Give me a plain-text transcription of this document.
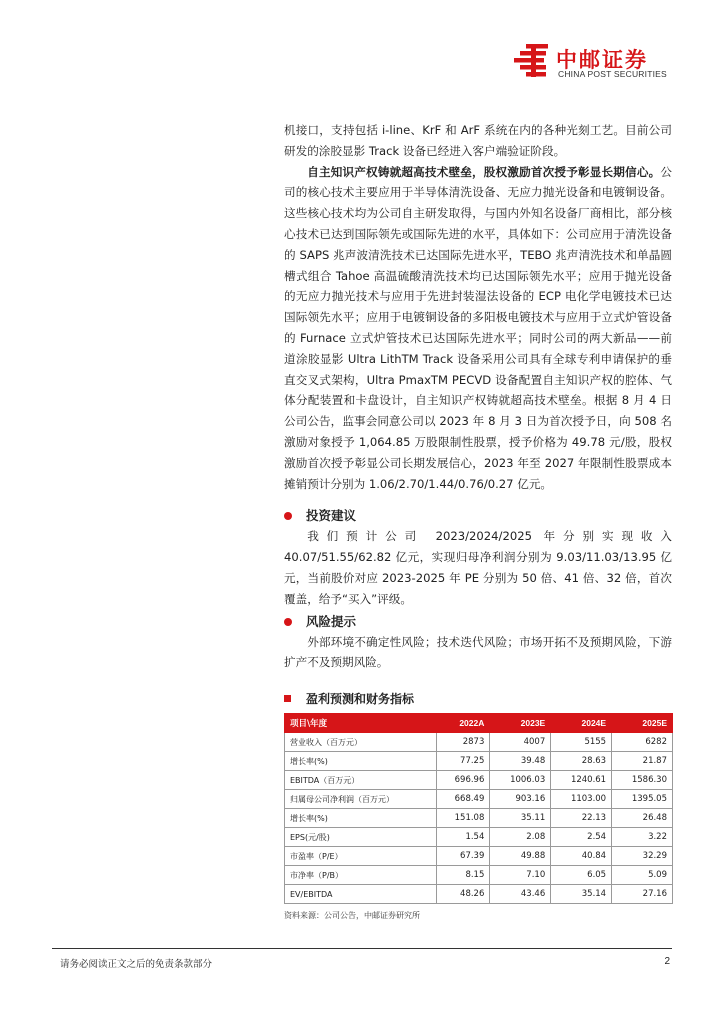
中邮证券
CHINA POST SECURITIES

机接口，支持包括 i-line、KrF 和 ArF 系统在内的各种光刻工艺。目前公司研发的涂胶显影 Track 设备已经进入客户端验证阶段。

自主知识产权铸就超高技术壁垒，股权激励首次授予彰显长期信心。公司的核心技术主要应用于半导体清洗设备、无应力抛光设备和电镀铜设备。这些核心技术均为公司自主研发取得，与国内外知名设备厂商相比，部分核心技术已达到国际领先或国际先进的水平，具体如下：公司应用于清洗设备的 SAPS 兆声波清洗技术已达国际先进水平，TEBO 兆声清洗技术和单晶圆槽式组合 Tahoe 高温硫酸清洗技术均已达国际领先水平；应用于抛光设备的无应力抛光技术与应用于先进封装湿法设备的 ECP 电化学电镀技术已达国际领先水平；应用于电镀铜设备的多阳极电镀技术与应用于立式炉管设备的 Furnace 立式炉管技术已达国际先进水平；同时公司的两大新品——前道涂胶显影 Ultra LithTM Track 设备采用公司具有全球专利申请保护的垂直交叉式架构，Ultra PmaxTM PECVD 设备配置自主知识产权的腔体、气体分配装置和卡盘设计，自主知识产权铸就超高技术壁垒。根据 8 月 4 日公司公告，监事会同意公司以 2023 年 8 月 3 日为首次授予日，向 508 名激励对象授予 1,064.85 万股限制性股票，授予价格为 49.78 元/股，股权激励首次授予彰显公司长期发展信心，2023 年至 2027 年限制性股票成本摊销预计分别为 1.06/2.70/1.44/0.76/0.27 亿元。

投资建议

我们预计公司 2023/2024/2025 年分别实现收入 40.07/51.55/62.82 亿元，实现归母净利润分别为 9.03/11.03/13.95 亿元，当前股价对应 2023-2025 年 PE 分别为 50 倍、41 倍、32 倍，首次覆盖，给予“买入”评级。

风险提示

外部环境不确定性风险；技术迭代风险；市场开拓不及预期风险，下游扩产不及预期风险。

盈利预测和财务指标
项目\年度	2022A	2023E	2024E	2025E
营业收入（百万元）	2873	4007	5155	6282
增长率(%)	77.25	39.48	28.63	21.87
EBITDA（百万元）	696.96	1006.03	1240.61	1586.30
归属母公司净利润（百万元）	668.49	903.16	1103.00	1395.05
增长率(%)	151.08	35.11	22.13	26.48
EPS(元/股)	1.54	2.08	2.54	3.22
市盈率（P/E）	67.39	49.88	40.84	32.29
市净率（P/B）	8.15	7.10	6.05	5.09
EV/EBITDA	48.26	43.46	35.14	27.16
资料来源：公司公告，中邮证券研究所
请务必阅读正文之后的免责条款部分	2
